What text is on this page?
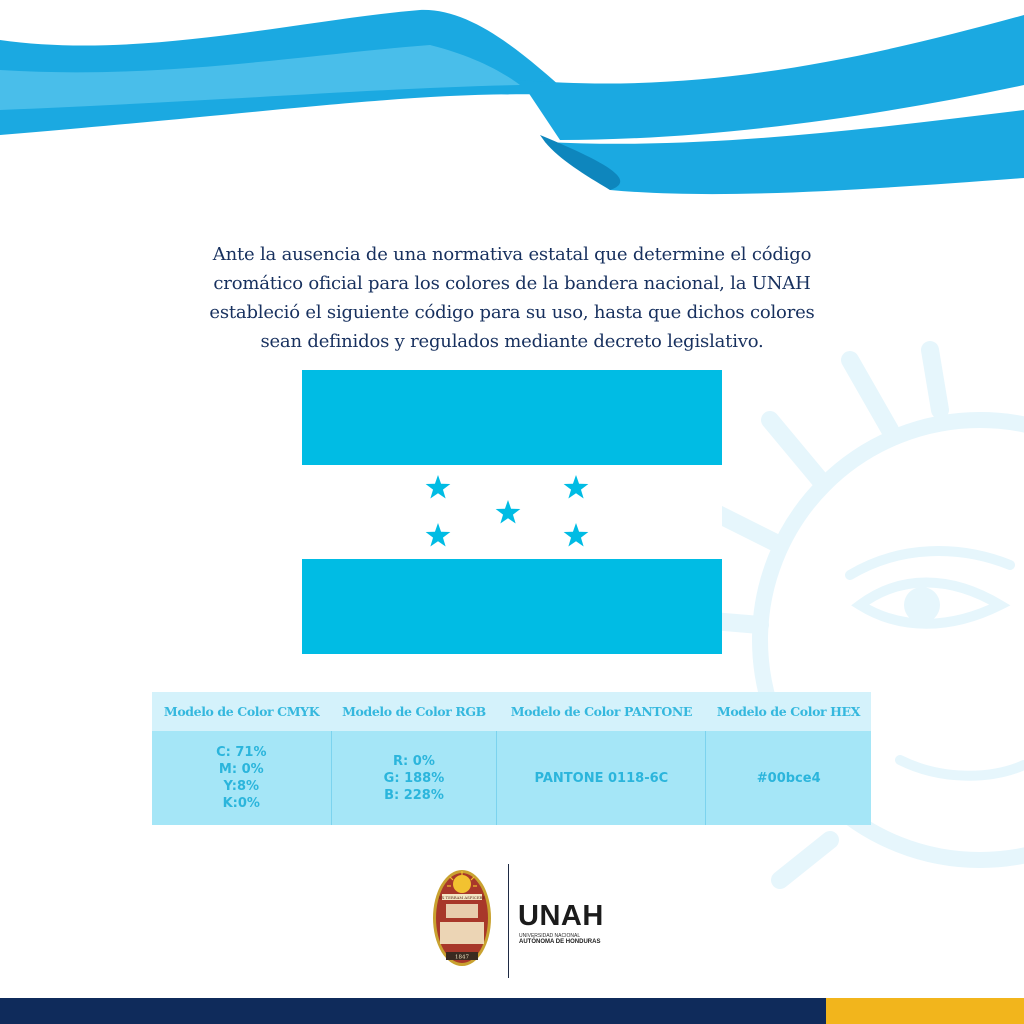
Ante la ausencia de una normativa estatal que determine el código cromático oficial para los colores de la bandera nacional, la UNAH estableció el siguiente código para su uso, hasta que dichos colores sean definidos y regulados mediante decreto legislativo.

Modelo de Color CMYK	Modelo de Color RGB	Modelo de Color PANTONE	Modelo de Color HEX

C: 71%
M: 0%
Y:8%
K:0%	R: 0%
G: 188%
B: 228%	PANTONE 0118-6C	#00bce4
EX TERRAM ASPICERE
1847
UNAH
UNIVERSIDAD NACIONAL
AUTÓNOMA DE HONDURAS
